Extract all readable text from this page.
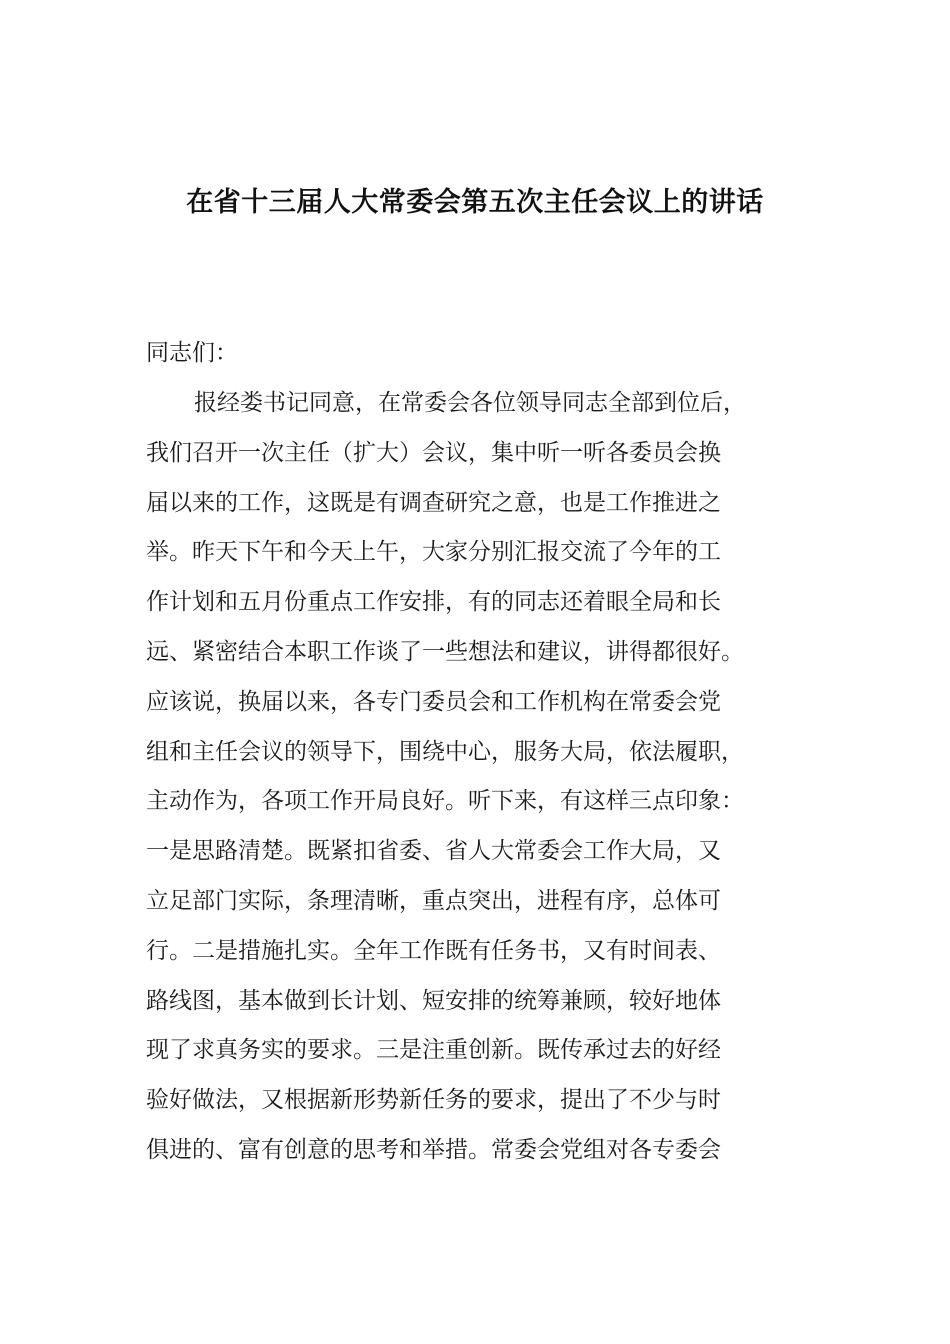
在省十三届人大常委会第五次主任会议上的讲话
同志们：
报经娄书记同意，在常委会各位领导同志全部到位后，
我们召开一次主任（扩大）会议，集中听一听各委员会换
届以来的工作，这既是有调查研究之意，也是工作推进之
举。昨天下午和今天上午，大家分别汇报交流了今年的工
作计划和五月份重点工作安排，有的同志还着眼全局和长
远、紧密结合本职工作谈了一些想法和建议，讲得都很好。
应该说，换届以来，各专门委员会和工作机构在常委会党
组和主任会议的领导下，围绕中心，服务大局，依法履职，
主动作为，各项工作开局良好。听下来，有这样三点印象：
一是思路清楚。既紧扣省委、省人大常委会工作大局，又
立足部门实际，条理清晰，重点突出，进程有序，总体可
行。二是措施扎实。全年工作既有任务书，又有时间表、
路线图，基本做到长计划、短安排的统筹兼顾，较好地体
现了求真务实的要求。三是注重创新。既传承过去的好经
验好做法，又根据新形势新任务的要求，提出了不少与时
俱进的、富有创意的思考和举措。常委会党组对各专委会
